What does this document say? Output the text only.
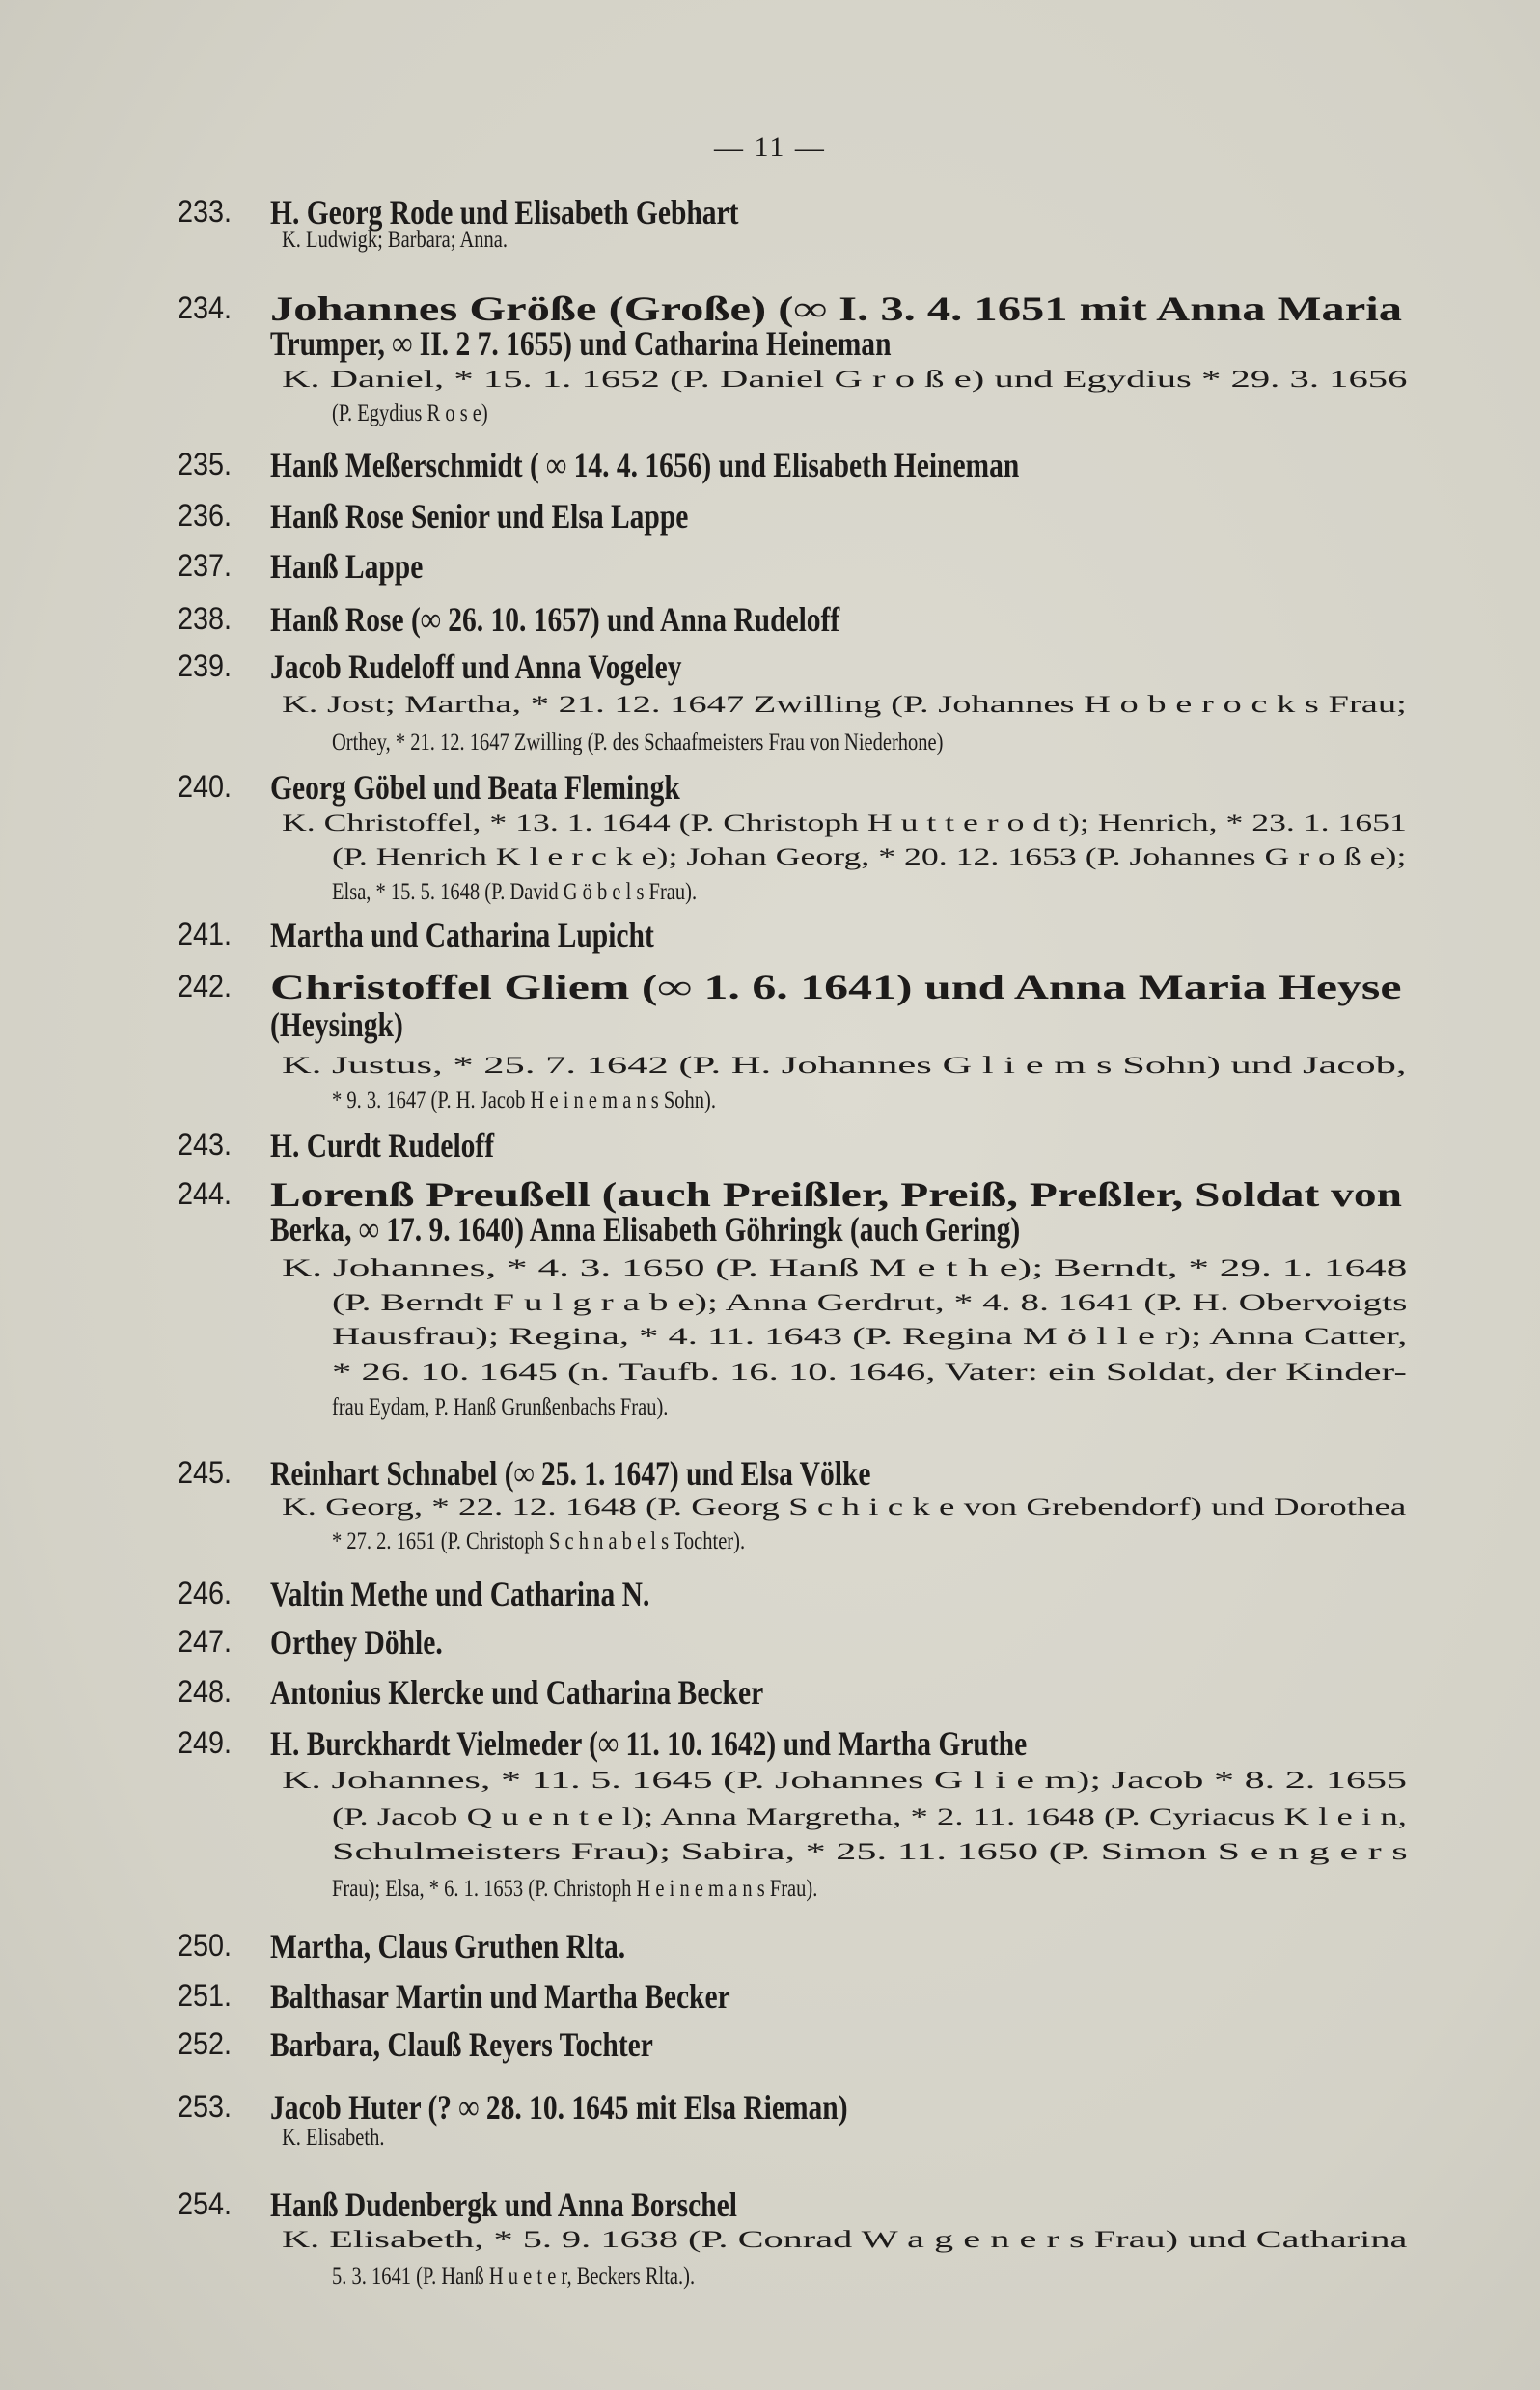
— 11 —
233. H. Georg Rode und Elisabeth Gebhart
K. Ludwigk; Barbara; Anna.
234. Johannes Größe (Große) (∞ I. 3. 4. 1651 mit Anna Maria
Trumper, ∞ II. 2 7. 1655) und Catharina Heineman
K. Daniel, * 15. 1. 1652 (P. Daniel G r o ß e) und Egydius * 29. 3. 1656
(P. Egydius R o s e)
235. Hanß Meßerschmidt ( ∞ 14. 4. 1656) und Elisabeth Heineman
236. Hanß Rose Senior und Elsa Lappe
237. Hanß Lappe
238. Hanß Rose (∞ 26. 10. 1657) und Anna Rudeloff
239. Jacob Rudeloff und Anna Vogeley
K. Jost; Martha, * 21. 12. 1647 Zwilling (P. Johannes H o b e r o c k s Frau;
Orthey, * 21. 12. 1647 Zwilling (P. des Schaafmeisters Frau von Niederhone)
240. Georg Göbel und Beata Flemingk
K. Christoffel, * 13. 1. 1644 (P. Christoph H u t t e r o d t); Henrich, * 23. 1. 1651
(P. Henrich K l e r c k e); Johan Georg, * 20. 12. 1653 (P. Johannes G r o ß e);
Elsa, * 15. 5. 1648 (P. David G ö b e l s Frau).
241. Martha und Catharina Lupicht
242. Christoffel Gliem (∞ 1. 6. 1641) und Anna Maria Heyse
(Heysingk)
K. Justus, * 25. 7. 1642 (P. H. Johannes G l i e m s Sohn) und Jacob,
* 9. 3. 1647 (P. H. Jacob H e i n e m a n s Sohn).
243. H. Curdt Rudeloff
244. Lorenß Preußell (auch Preißler, Preiß, Preßler, Soldat von
Berka, ∞ 17. 9. 1640) Anna Elisabeth Göhringk (auch Gering)
K. Johannes, * 4. 3. 1650 (P. Hanß M e t h e); Berndt, * 29. 1. 1648
(P. Berndt F u l g r a b e); Anna Gerdrut, * 4. 8. 1641 (P. H. Obervoigts
Hausfrau); Regina, * 4. 11. 1643 (P. Regina M ö l l e r); Anna Catter,
* 26. 10. 1645 (n. Taufb. 16. 10. 1646, Vater: ein Soldat, der Kinder-
frau Eydam, P. Hanß Grunßenbachs Frau).
245. Reinhart Schnabel (∞ 25. 1. 1647) und Elsa Völke
K. Georg, * 22. 12. 1648 (P. Georg S c h i c k e von Grebendorf) und Dorothea
* 27. 2. 1651 (P. Christoph S c h n a b e l s Tochter).
246. Valtin Methe und Catharina N.
247. Orthey Döhle.
248. Antonius Klercke und Catharina Becker
249. H. Burckhardt Vielmeder (∞ 11. 10. 1642) und Martha Gruthe
K. Johannes, * 11. 5. 1645 (P. Johannes G l i e m); Jacob * 8. 2. 1655
(P. Jacob Q u e n t e l); Anna Margretha, * 2. 11. 1648 (P. Cyriacus K l e i n,
Schulmeisters Frau); Sabira, * 25. 11. 1650 (P. Simon S e n g e r s
Frau); Elsa, * 6. 1. 1653 (P. Christoph H e i n e m a n s Frau).
250. Martha, Claus Gruthen Rlta.
251. Balthasar Martin und Martha Becker
252. Barbara, Clauß Reyers Tochter
253. Jacob Huter (? ∞ 28. 10. 1645 mit Elsa Rieman)
K. Elisabeth.
254. Hanß Dudenbergk und Anna Borschel
K. Elisabeth, * 5. 9. 1638 (P. Conrad W a g e n e r s Frau) und Catharina
5. 3. 1641 (P. Hanß H u e t e r, Beckers Rlta.).
